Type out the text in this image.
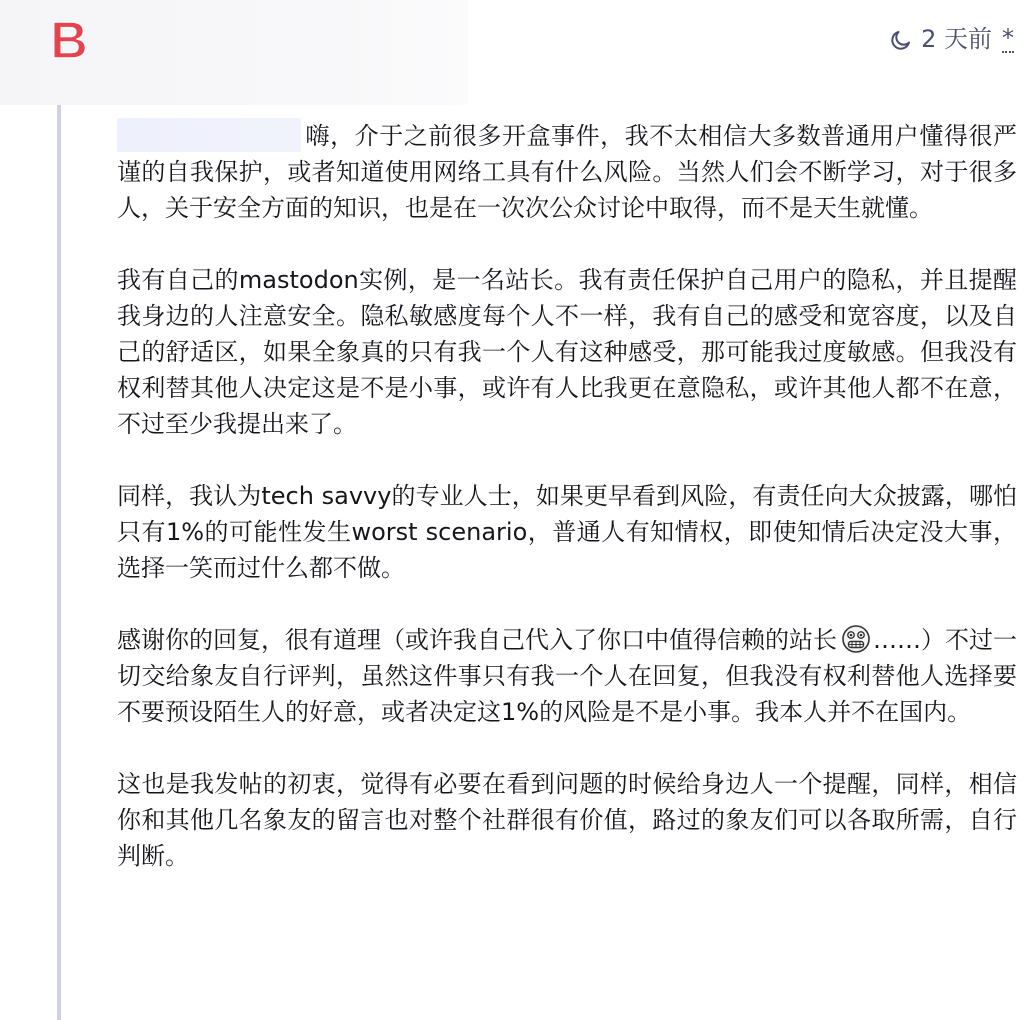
B	2 天前 *

嗨，介于之前很多开盒事件，我不太相信大多数普通用户懂得很严谨的自我保护，或者知道使用网络工具有什么风险。当然人们会不断学习，对于很多人，关于安全方面的知识，也是在一次次公众讨论中取得，而不是天生就懂。

我有自己的mastodon实例，是一名站长。我有责任保护自己用户的隐私，并且提醒我身边的人注意安全。隐私敏感度每个人不一样，我有自己的感受和宽容度，以及自己的舒适区，如果全象真的只有我一个人有这种感受，那可能我过度敏感。但我没有权利替其他人决定这是不是小事，或许有人比我更在意隐私，或许其他人都不在意，不过至少我提出来了。

同样，我认为tech savvy的专业人士，如果更早看到风险，有责任向大众披露，哪怕只有1%的可能性发生worst scenario，普通人有知情权，即使知情后决定没大事，选择一笑而过什么都不做。

感谢你的回复，很有道理（或许我自己代入了你口中值得信赖的站长 ……）不过一切交给象友自行评判，虽然这件事只有我一个人在回复，但我没有权利替他人选择要不要预设陌生人的好意，或者决定这1%的风险是不是小事。我本人并不在国内。

这也是我发帖的初衷，觉得有必要在看到问题的时候给身边人一个提醒，同样，相信你和其他几名象友的留言也对整个社群很有价值，路过的象友们可以各取所需，自行判断。
